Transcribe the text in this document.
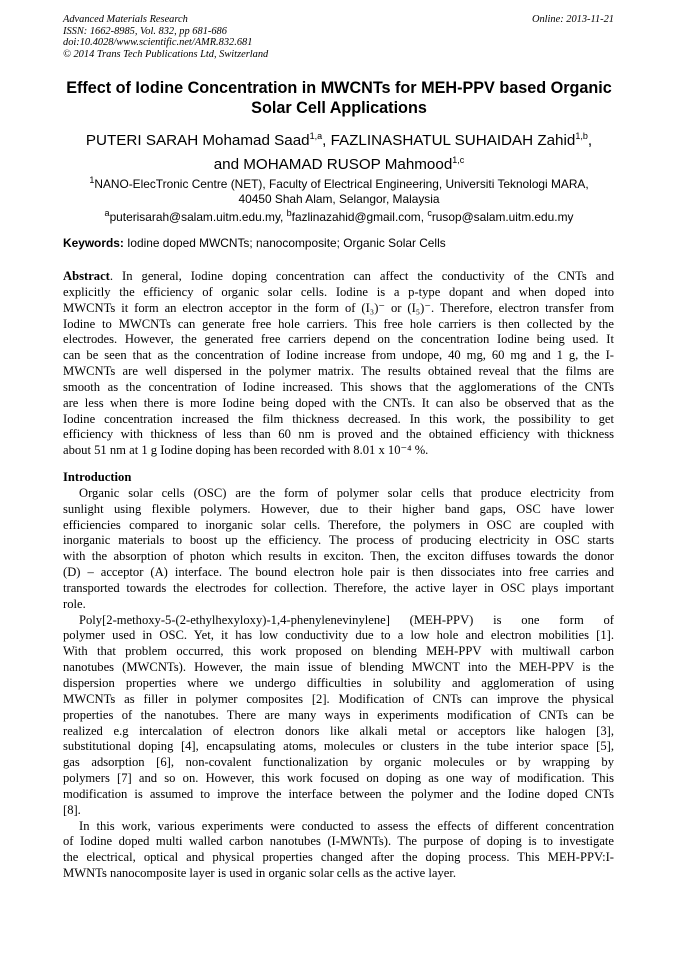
Advanced Materials Research
ISSN: 1662-8985, Vol. 832, pp 681-686
doi:10.4028/www.scientific.net/AMR.832.681
© 2014 Trans Tech Publications Ltd, Switzerland
Online: 2013-11-21
Effect of Iodine Concentration in MWCNTs for MEH-PPV based Organic
Solar Cell Applications
PUTERI SARAH Mohamad Saad$^{1,a}$, FAZLINASHATUL SUHAIDAH Zahid$^{1,b}$,
and MOHAMAD RUSOP Mahmood$^{1,c}$
$^1$NANO-ElecTronic Centre (NET), Faculty of Electrical Engineering, Universiti Teknologi MARA,
40450 Shah Alam, Selangor, Malaysia
$^a$puterisarah@salam.uitm.edu.my, $^b$fazlinazahid@gmail.com, $^c$rusop@salam.uitm.edu.my
Keywords: Iodine doped MWCNTs; nanocomposite; Organic Solar Cells
Abstract. In general, Iodine doping concentration can affect the conductivity of the CNTs and
explicitly the efficiency of organic solar cells. Iodine is a p-type dopant and when doped into
MWCNTs it form an electron acceptor in the form of (I₃)⁻ or (I₅)⁻. Therefore, electron transfer from
Iodine to MWCNTs can generate free hole carriers. This free hole carriers is then collected by the
electrodes. However, the generated free carriers depend on the concentration Iodine being used. It
can be seen that as the concentration of Iodine increase from undope, 40 mg, 60 mg and 1 g, the I-
MWCNTs are well dispersed in the polymer matrix. The results obtained reveal that the films are
smooth as the concentration of Iodine increased. This shows that the agglomerations of the CNTs
are less when there is more Iodine being doped with the CNTs. It can also be observed that as the
Iodine concentration increased the film thickness decreased. In this work, the possibility to get
efficiency with thickness of less than 60 nm is proved and the obtained efficiency with thickness
about 51 nm at 1 g Iodine doping has been recorded with 8.01 x 10⁻⁴ %.
Introduction
Organic solar cells (OSC) are the form of polymer solar cells that produce electricity from
sunlight using flexible polymers. However, due to their higher band gaps, OSC have lower
efficiencies compared to inorganic solar cells. Therefore, the polymers in OSC are coupled with
inorganic materials to boost up the efficiency. The process of producing electricity in OSC starts
with the absorption of photon which results in exciton. Then, the exciton diffuses towards the donor
(D) – acceptor (A) interface. The bound electron hole pair is then dissociates into free carries and
transported towards the electrodes for collection. Therefore, the active layer in OSC plays important
role.
Poly[2-methoxy-5-(2-ethylhexyloxy)-1,4-phenylenevinylene] (MEH-PPV) is one form of
polymer used in OSC. Yet, it has low conductivity due to a low hole and electron mobilities [1].
With that problem occurred, this work proposed on blending MEH-PPV with multiwall carbon
nanotubes (MWCNTs). However, the main issue of blending MWCNT into the MEH-PPV is the
dispersion properties where we undergo difficulties in solubility and agglomeration of using
MWCNTs as filler in polymer composites [2]. Modification of CNTs can improve the physical
properties of the nanotubes. There are many ways in experiments modification of CNTs can be
realized e.g intercalation of electron donors like alkali metal or acceptors like halogen [3],
substitutional doping [4], encapsulating atoms, molecules or clusters in the tube interior space [5],
gas adsorption [6], non-covalent functionalization by organic molecules or by wrapping by
polymers [7] and so on. However, this work focused on doping as one way of modification. This
modification is assumed to improve the interface between the polymer and the Iodine doped CNTs
[8].
In this work, various experiments were conducted to assess the effects of different concentration
of Iodine doped multi walled carbon nanotubes (I-MWNTs). The purpose of doping is to investigate
the electrical, optical and physical properties changed after the doping process. This MEH-PPV:I-
MWNTs nanocomposite layer is used in organic solar cells as the active layer.
